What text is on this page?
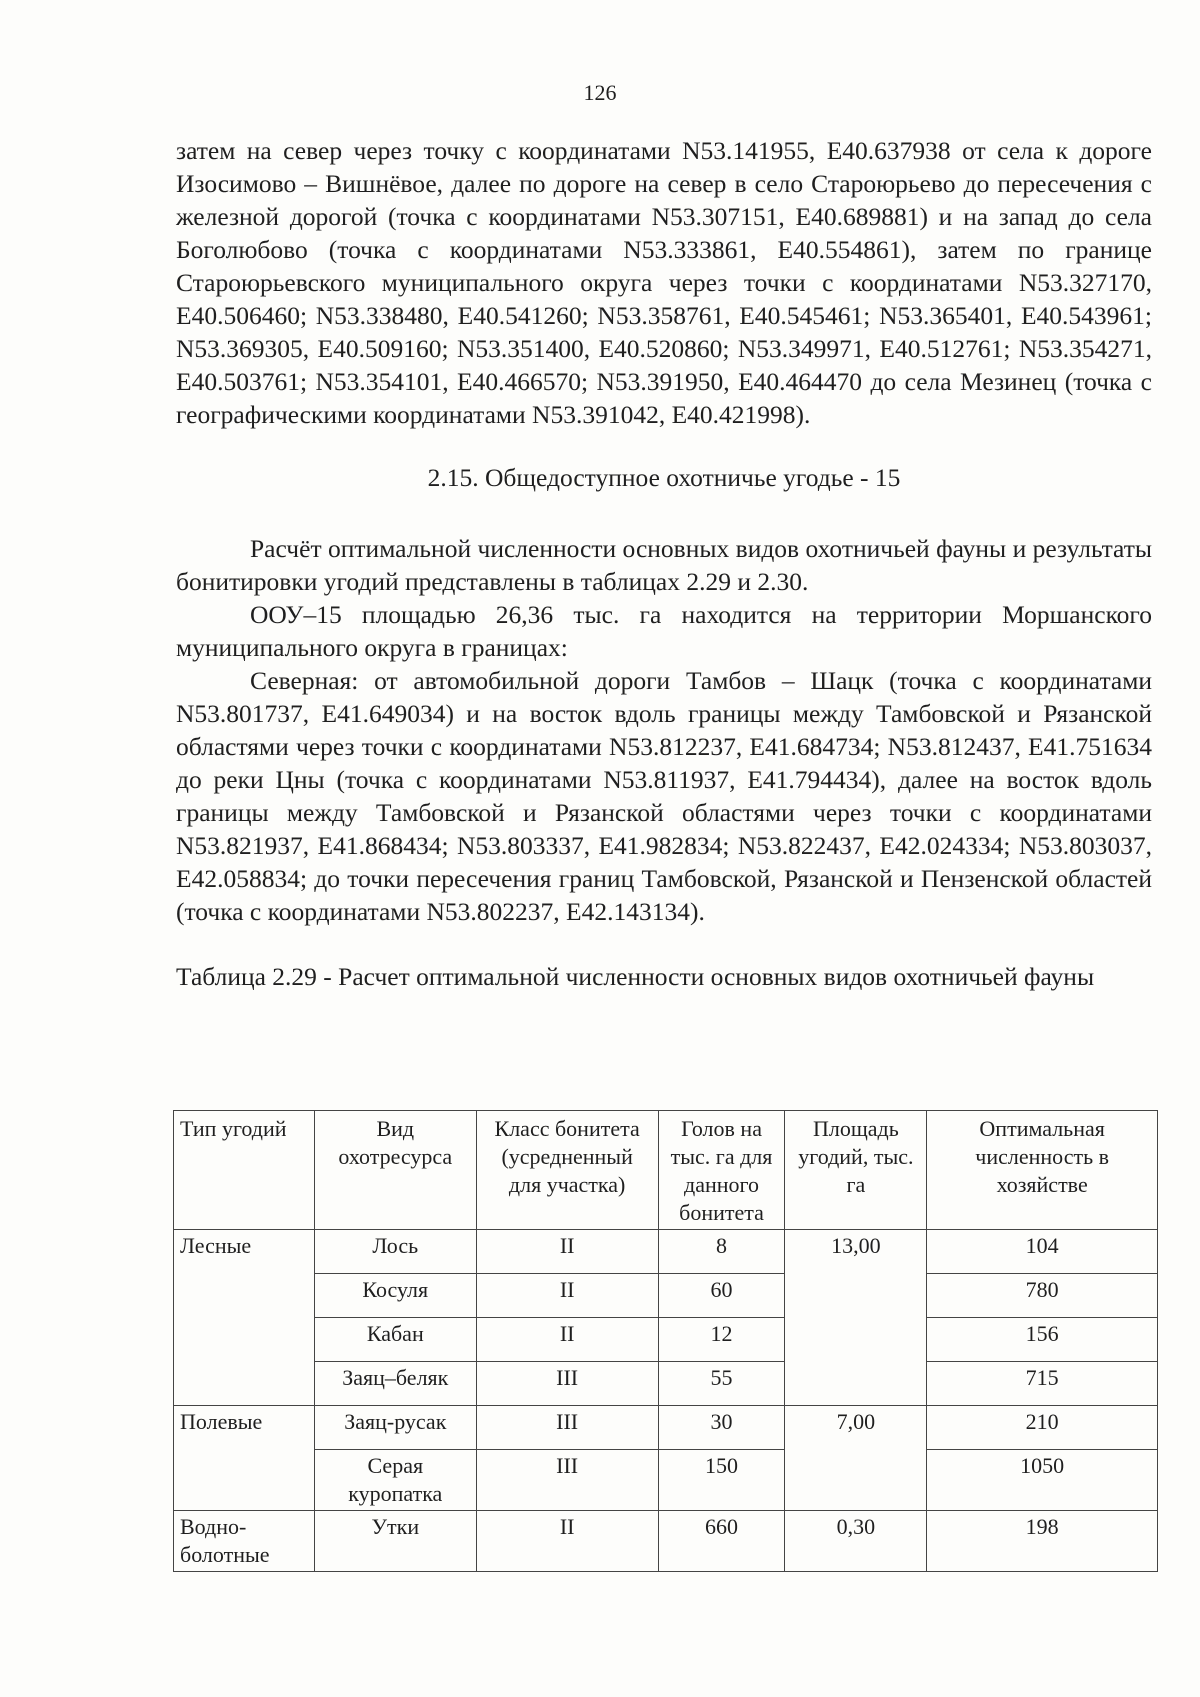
126

затем на север через точку с координатами N53.141955, E40.637938 от села к дороге Изосимово – Вишнёвое, далее по дороге на север в село Староюрьево до пересечения с железной дорогой (точка с координатами N53.307151, E40.689881) и на запад до села Боголюбово (точка с координатами N53.333861, E40.554861), затем по границе Староюрьевского муниципального округа через точки с координатами N53.327170, E40.506460; N53.338480, E40.541260; N53.358761, E40.545461; N53.365401, E40.543961; N53.369305, E40.509160; N53.351400, E40.520860; N53.349971, E40.512761; N53.354271, E40.503761; N53.354101, E40.466570; N53.391950, E40.464470 до села Мезинец (точка с географическими координатами N53.391042, E40.421998).

2.15. Общедоступное охотничье угодье - 15

Расчёт оптимальной численности основных видов охотничьей фауны и результаты бонитировки угодий представлены в таблицах 2.29 и 2.30.

ООУ–15 площадью 26,36 тыс. га находится на территории Моршанского муниципального округа в границах:

Северная: от автомобильной дороги Тамбов – Шацк (точка с координатами N53.801737, E41.649034) и на восток вдоль границы между Тамбовской и Рязанской областями через точки с координатами N53.812237, E41.684734; N53.812437, E41.751634 до реки Цны (точка с координатами N53.811937, E41.794434), далее на восток вдоль границы между Тамбовской и Рязанской областями через точки с координатами N53.821937, E41.868434; N53.803337, E41.982834; N53.822437, E42.024334; N53.803037, E42.058834; до точки пересечения границ Тамбовской, Рязанской и Пензенской областей (точка с координатами N53.802237, E42.143134).

Таблица 2.29 - Расчет оптимальной численности основных видов охотничьей фауны

Тип угодий	Вид охотресурса	Класс бонитета (усредненный для участка)	Голов на тыс. га для данного бонитета	Площадь угодий, тыс. га	Оптимальная численность в хозяйстве
Лесные	Лось	II	8	13,00	104
	Косуля	II	60		780
	Кабан	II	12		156
	Заяц–беляк	III	55		715
Полевые	Заяц-русак	III	30	7,00	210
	Серая куропатка	III	150		1050
Водно-болотные	Утки	II	660	0,30	198
